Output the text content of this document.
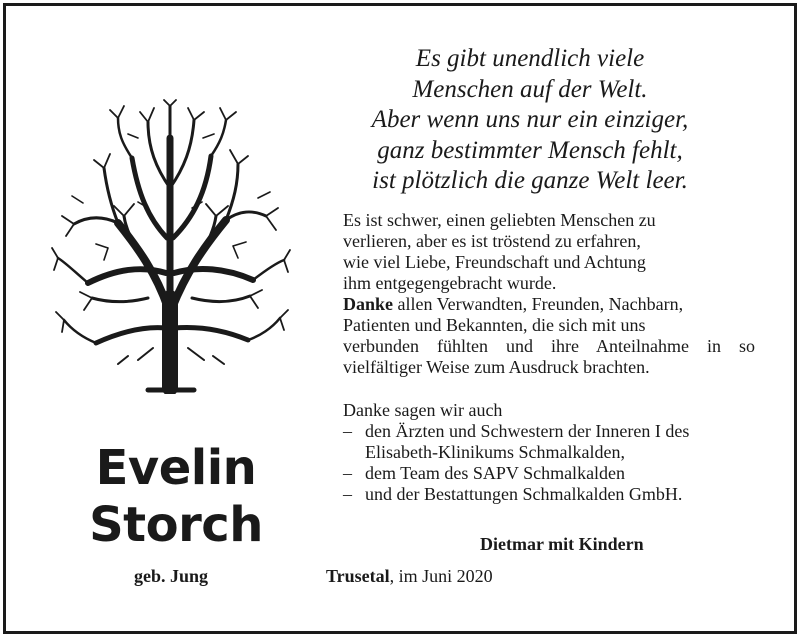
Es gibt unendlich viele
Menschen auf der Welt.
Aber wenn uns nur ein einziger,
ganz bestimmter Mensch fehlt,
ist plötzlich die ganze Welt leer.
Evelin
Storch
geb. Jung
Es ist schwer, einen geliebten Menschen zu
verlieren, aber es ist tröstend zu erfahren,
wie viel Liebe, Freundschaft und Achtung
ihm entgegengebracht wurde.
Danke allen Verwandten, Freunden, Nachbarn,
Patienten und Bekannten, die sich mit uns
verbunden fühlten und ihre Anteilnahme in so
vielfältiger Weise zum Ausdruck brachten.
Danke sagen wir auch
– den Ärzten und Schwestern der Inneren I des
Elisabeth-Klinikums Schmalkalden,
– dem Team des SAPV Schmalkalden
– und der Bestattungen Schmalkalden GmbH.
Dietmar mit Kindern
Trusetal, im Juni 2020
